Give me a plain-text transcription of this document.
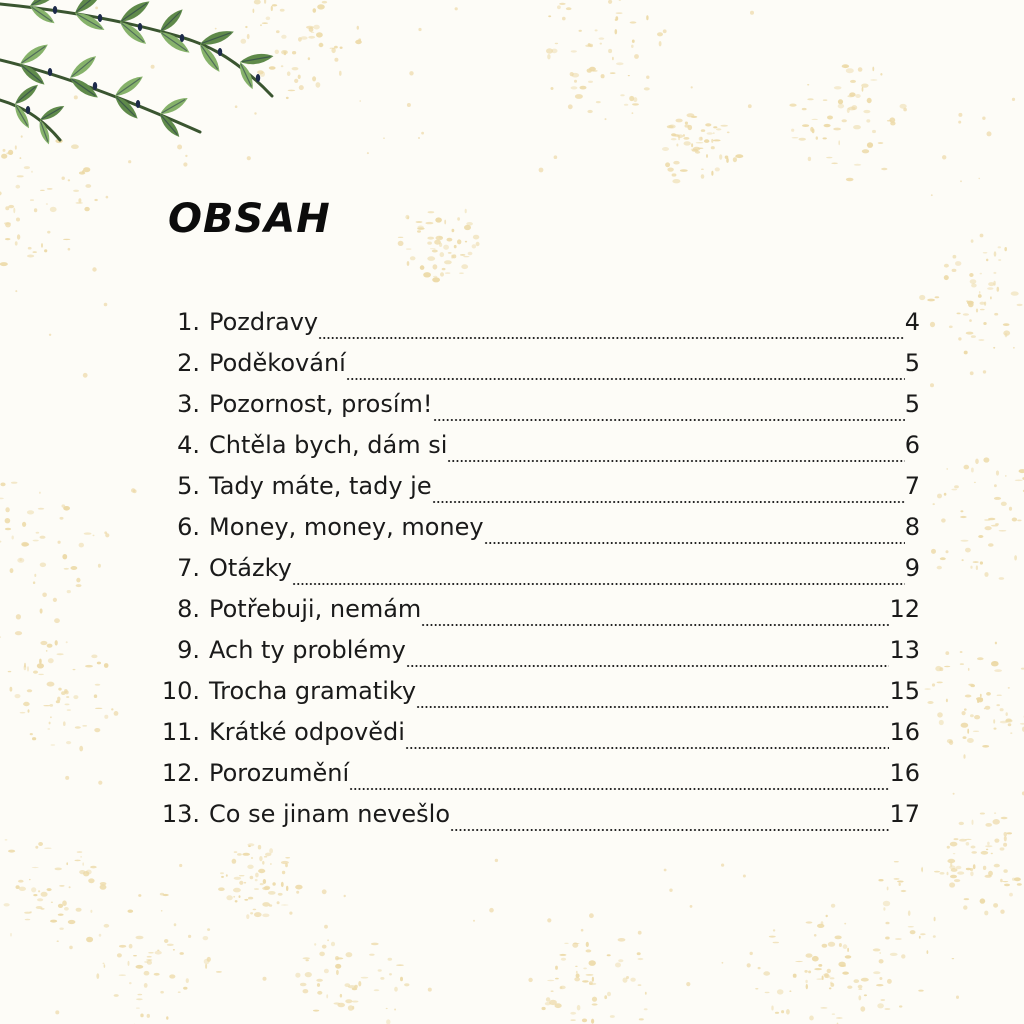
OBSAH
1. Pozdravy	4
2. Poděkování	5
3. Pozornost, prosím!	5
4. Chtěla bych, dám si	6
5. Tady máte, tady je	7
6. Money, money, money	8
7. Otázky	9
8. Potřebuji, nemám	12
9. Ach ty problémy	13
10. Trocha gramatiky	15
11. Krátké odpovědi	16
12. Porozumění	16
13. Co se jinam nevešlo	17
